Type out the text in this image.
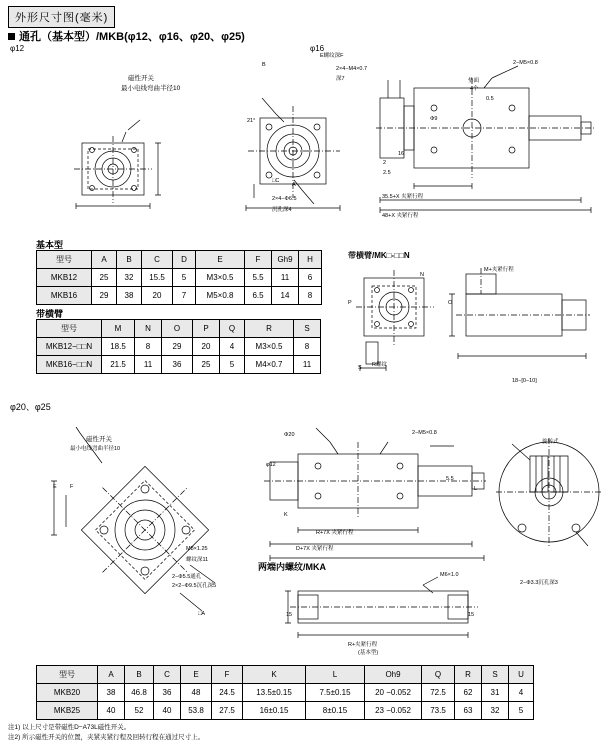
外形尺寸图(毫米)
通孔（基本型）/MKB(φ12、φ16、φ20、φ25)
φ12	φ16
磁性开关
最小电线弯曲半径10
B
2×4−M4×0.7
深7
E螺纹深F
2×4−Φ6.5
沉孔深4
21°
A
□C
2−M5×0.8
垫面
4个
35.5+X 夹紧行程
48+X 夹紧行程
16
2
2.5
Φ9
0.5
基本型
型号	A	B	C	D	E	F	Gh9	H
MKB12	25	32	15.5	5	M3×0.5	5.5	11	6
MKB16	29	38	20	7	M5×0.8	6.5	14	8
带横臂
型号	M	N	O	P	Q	R	S
MKB12−□□N	18.5	8	29	20	4	M3×0.5	8
MKB16−□□N	21.5	11	36	25	5	M4×0.7	11
带横臂/MK□-□□N
M+夹紧行程
N
P	O
S R螺纹
18−[0−10]
φ20、φ25
磁性开关
最小电线弯曲半径10
M8×1.25
螺纹深11
2−Φ5.5通孔
2×2−Φ9.5沉孔深5
E F
□A
Φ20
φ12
2−M5×0.8
5.5
L
R+7X 夹紧行程
D+7X 夹紧行程
K
旋转式
2−Φ3.3沉孔深3
两端内螺纹/MKA
M6×1.0
15	15
R+夹紧行程
(基本型)
型号	A	B	C	E	F	K	L	Oh9	Q	R	S	U
MKB20	38	46.8	36	48	24.5	13.5±0.15	7.5±0.15	20 −0.052	72.5	62	31	4
MKB25	40	52	40	53.8	27.5	16±0.15	8±0.15	23 −0.052	73.5	63	32	5
注1) 以上尺寸是带磁性D−A73L磁性开关。
注2) 所示磁性开关的位置，夹紧夹紧行程及回转行程在通过尺寸上。
